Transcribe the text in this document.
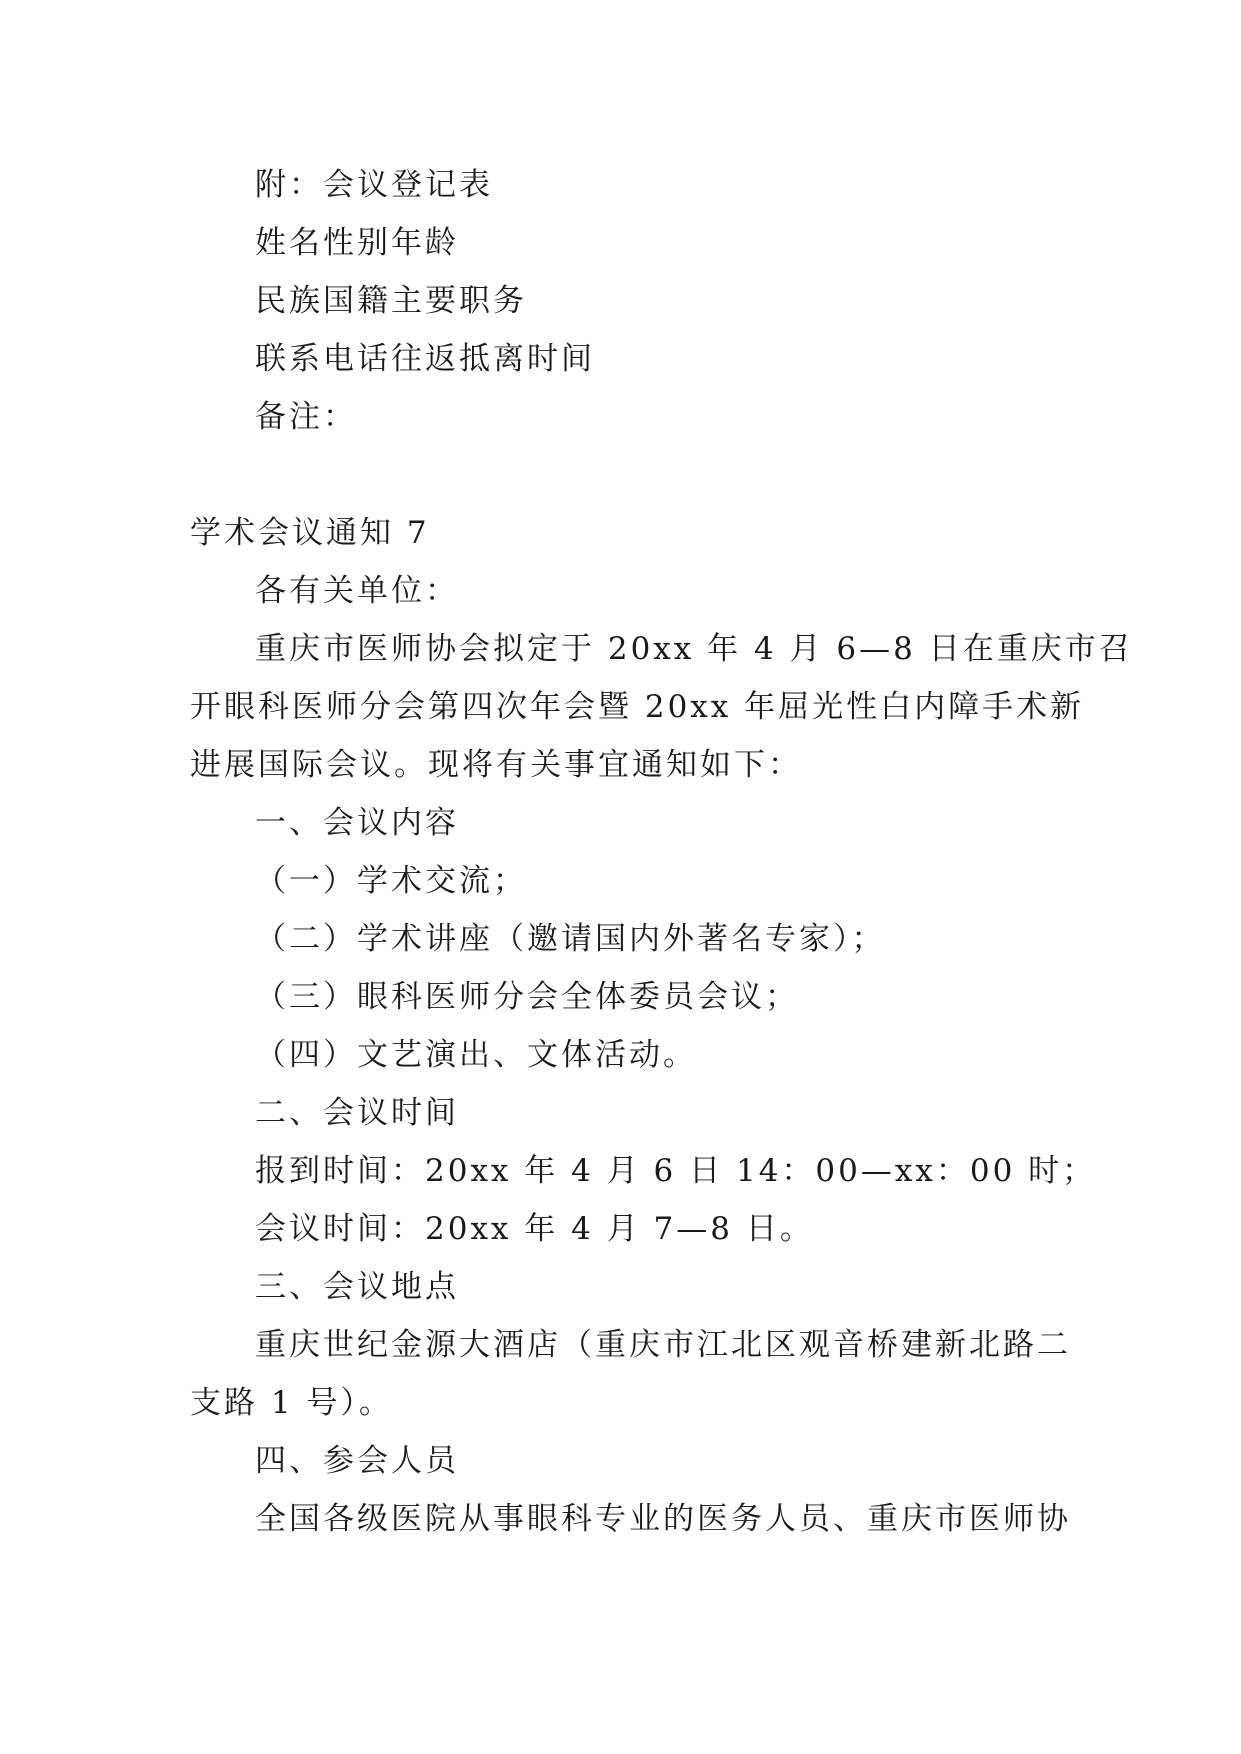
附：会议登记表

姓名性别年龄

民族国籍主要职务

联系电话往返抵离时间

备注：

学术会议通知 7

各有关单位：

重庆市医师协会拟定于 20xx 年 4 月 6—8 日在重庆市召

开眼科医师分会第四次年会暨 20xx 年屈光性白内障手术新

进展国际会议。现将有关事宜通知如下：

一、会议内容

（一）学术交流；

（二）学术讲座（邀请国内外著名专家）；

（三）眼科医师分会全体委员会议；

（四）文艺演出、文体活动。

二、会议时间

报到时间：20xx 年 4 月 6 日 14：00—xx：00 时；

会议时间：20xx 年 4 月 7—8 日。

三、会议地点

重庆世纪金源大酒店（重庆市江北区观音桥建新北路二

支路 1 号）。

四、参会人员

全国各级医院从事眼科专业的医务人员、重庆市医师协
